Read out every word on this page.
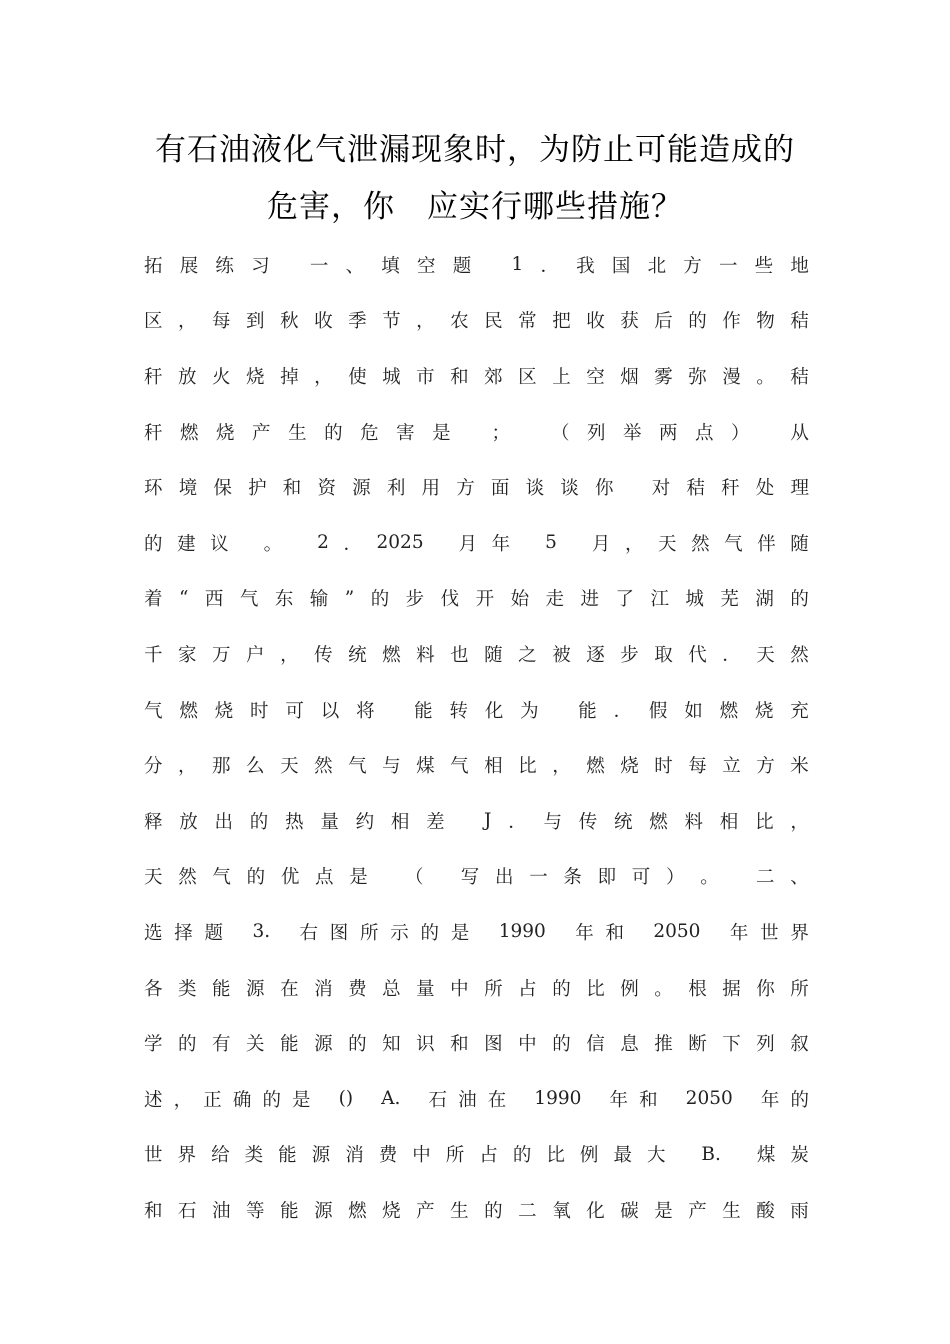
有石油液化气泄漏现象时，为防止可能造成的
危害，你　应实行哪些措施？
拓 展 练 习
一 、 填 空 题
1 ． 我 国 北 方 一 些 地
区 ， 每 到 秋 收 季 节 ， 农 民 常 把 收 获 后 的 作 物 秸
秆 放 火 烧 掉 ， 使 城 市 和 郊 区 上 空 烟 雾 弥 漫 。 秸
秆 燃 烧 产 生 的 危 害 是
；
（ 列 举 两 点 ）
从
环 境 保 护 和 资 源 利 用 方 面 谈 谈 你
对 秸 秆 处 理
的 建 议
。
2 ． 2025
月 年
5
月 ， 天 然 气 伴 随
着 “ 西 气 东 输 ” 的 步 伐 开 始 走 进 了 江 城 芜 湖 的
千 家 万 户 ， 传 统 燃 料 也 随 之 被 逐 步 取 代 ． 天 然
气 燃 烧 时 可 以 将
能 转 化 为
能 ． 假 如 燃 烧 充
分 ， 那 么 天 然 气 与 煤 气 相 比 ， 燃 烧 时 每 立 方 米
释 放 出 的 热 量 约 相 差
J ． 与 传 统 燃 料 相 比 ，
天 然 气 的 优 点 是
（
写 出 一 条 即 可 ） 。
二 、
选 择 题
3.
右 图 所 示 的 是
1990
年 和
2050
年 世 界
各 类 能 源 在 消 费 总 量 中 所 占 的 比 例 。 根 据 你 所
学 的 有 关 能 源 的 知 识 和 图 中 的 信 息 推 断 下 列 叙
述 ， 正 确 的 是
()
A.
石 油 在
1990
年 和
2050
年 的
世 界 给 类 能 源 消 费 中 所 占 的 比 例 最 大
B.
煤 炭
和 石 油 等 能 源 燃 烧 产 生 的 二 氧 化 碳 是 产 生 酸 雨
